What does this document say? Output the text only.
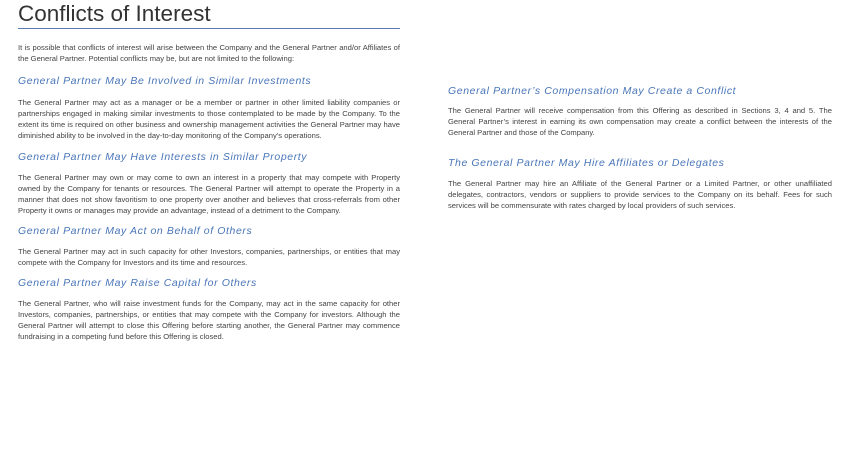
Conflicts of Interest

It is possible that conflicts of interest will arise between the Company and the General Partner and/or Affiliates of the General Partner. Potential conflicts may be, but are not limited to the following:

General Partner May Be Involved in Similar Investments

The General Partner may act as a manager or be a member or partner in other limited liability companies or partnerships engaged in making similar investments to those contemplated to be made by the Company. To the extent its time is required on other business and ownership management activities the General Partner may have diminished ability to be involved in the day-to-day monitoring of the Company’s operations.

General Partner May Have Interests in Similar Property

The General Partner may own or may come to own an interest in a property that may compete with Property owned by the Company for tenants or resources. The General Partner will attempt to operate the Property in a manner that does not show favoritism to one property over another and believes that cross-referrals from other Property it owns or manages may provide an advantage, instead of a detriment to the Company.

General Partner May Act on Behalf of Others

The General Partner may act in such capacity for other Investors, companies, partnerships, or entities that may compete with the Company for Investors and its time and resources.

General Partner May Raise Capital for Others

The General Partner, who will raise investment funds for the Company, may act in the same capacity for other Investors, companies, partnerships, or entities that may compete with the Company for investors. Although the General Partner will attempt to close this Offering before starting another, the General Partner may commence fundraising in a competing fund before this Offering is closed.

General Partner’s Compensation May Create a Conflict

The General Partner will receive compensation from this Offering as described in Sections 3, 4 and 5. The General Partner’s interest in earning its own compensation may create a conflict between the interests of the General Partner and those of the Company.

The General Partner May Hire Affiliates or Delegates

The General Partner may hire an Affiliate of the General Partner or a Limited Partner, or other unaffiliated delegates, contractors, vendors or suppliers to provide services to the Company on its behalf. Fees for such services will be commensurate with rates charged by local providers of such services.
